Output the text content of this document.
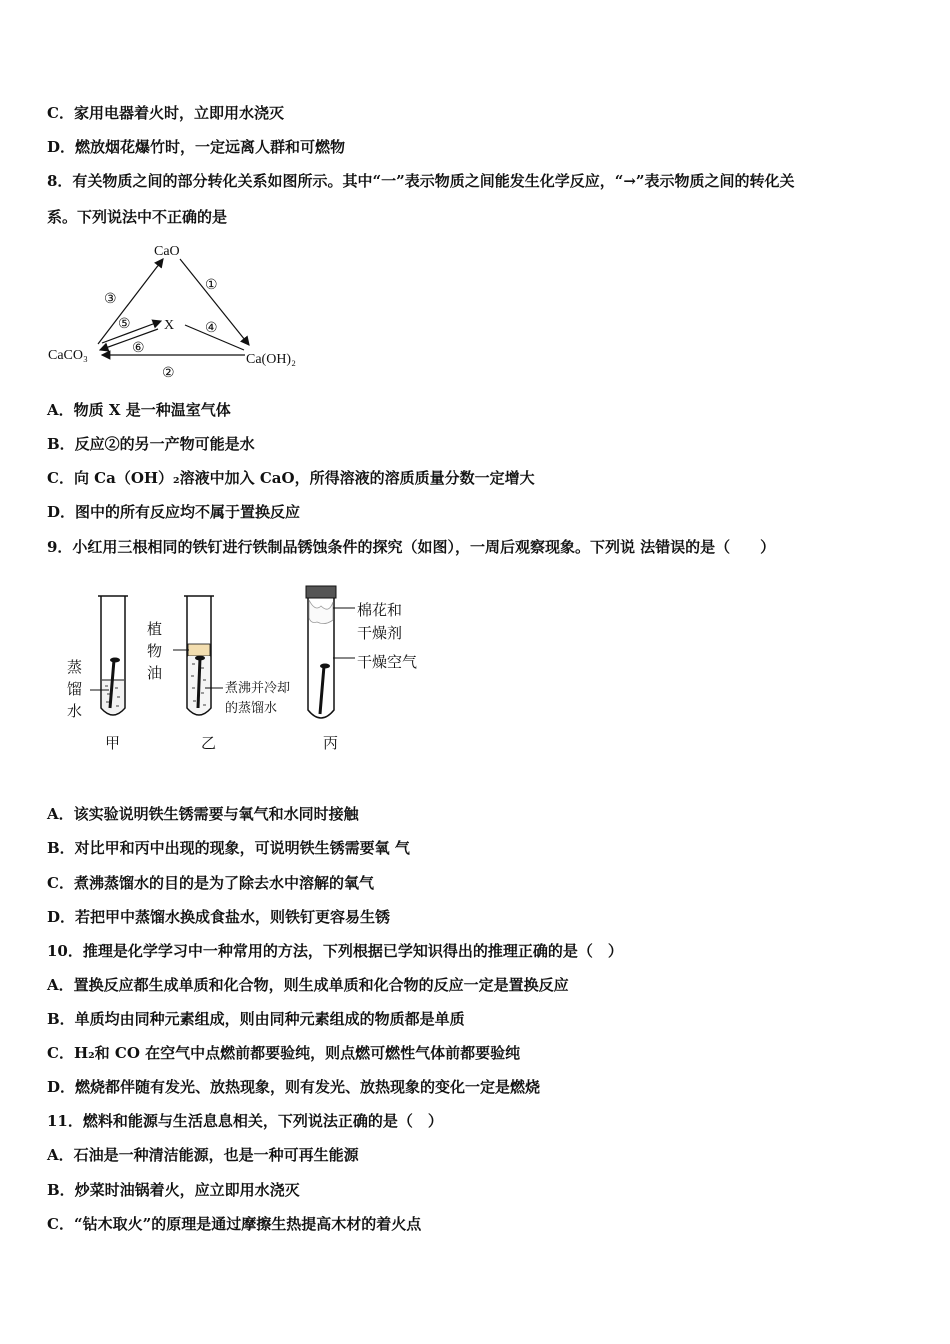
C．家用电器着火时，立即用水浇灭
D．燃放烟花爆竹时，一定远离人群和可燃物
8．有关物质之间的部分转化关系如图所示。其中“一”表示物质之间能发生化学反应，“→”表示物质之间的转化关
系。下列说法中不正确的是
CaO
X
CaCO₃	Ca(OH)₂
③
①
②
⑤
⑥
④
A．物质 X 是一种温室气体
B．反应②的另一产物可能是水
C．向 Ca（OH）₂溶液中加入 CaO，所得溶液的溶质质量分数一定增大
D．图中的所有反应均不属于置换反应
9．小红用三根相同的铁钉进行铁制品锈蚀条件的探究（如图），一周后观察现象。下列说 法错误的是（　　）
蒸
馏
水
甲
植
物
油
煮沸并冷却
的蒸馏水
乙
棉花和
干燥剂
干燥空气
丙
A．该实验说明铁生锈需要与氧气和水同时接触
B．对比甲和丙中出现的现象，可说明铁生锈需要氧 气
C．煮沸蒸馏水的目的是为了除去水中溶解的氧气
D．若把甲中蒸馏水换成食盐水，则铁钉更容易生锈
10．推理是化学学习中一种常用的方法，下列根据已学知识得出的推理正确的是（　）
A．置换反应都生成单质和化合物，则生成单质和化合物的反应一定是置换反应
B．单质均由同种元素组成，则由同种元素组成的物质都是单质
C．H₂和 CO 在空气中点燃前都要验纯，则点燃可燃性气体前都要验纯
D．燃烧都伴随有发光、放热现象，则有发光、放热现象的变化一定是燃烧
11．燃料和能源与生活息息相关，下列说法正确的是（　）
A．石油是一种清洁能源，也是一种可再生能源
B．炒菜时油锅着火，应立即用水浇灭
C．“钻木取火”的原理是通过摩擦生热提高木材的着火点
